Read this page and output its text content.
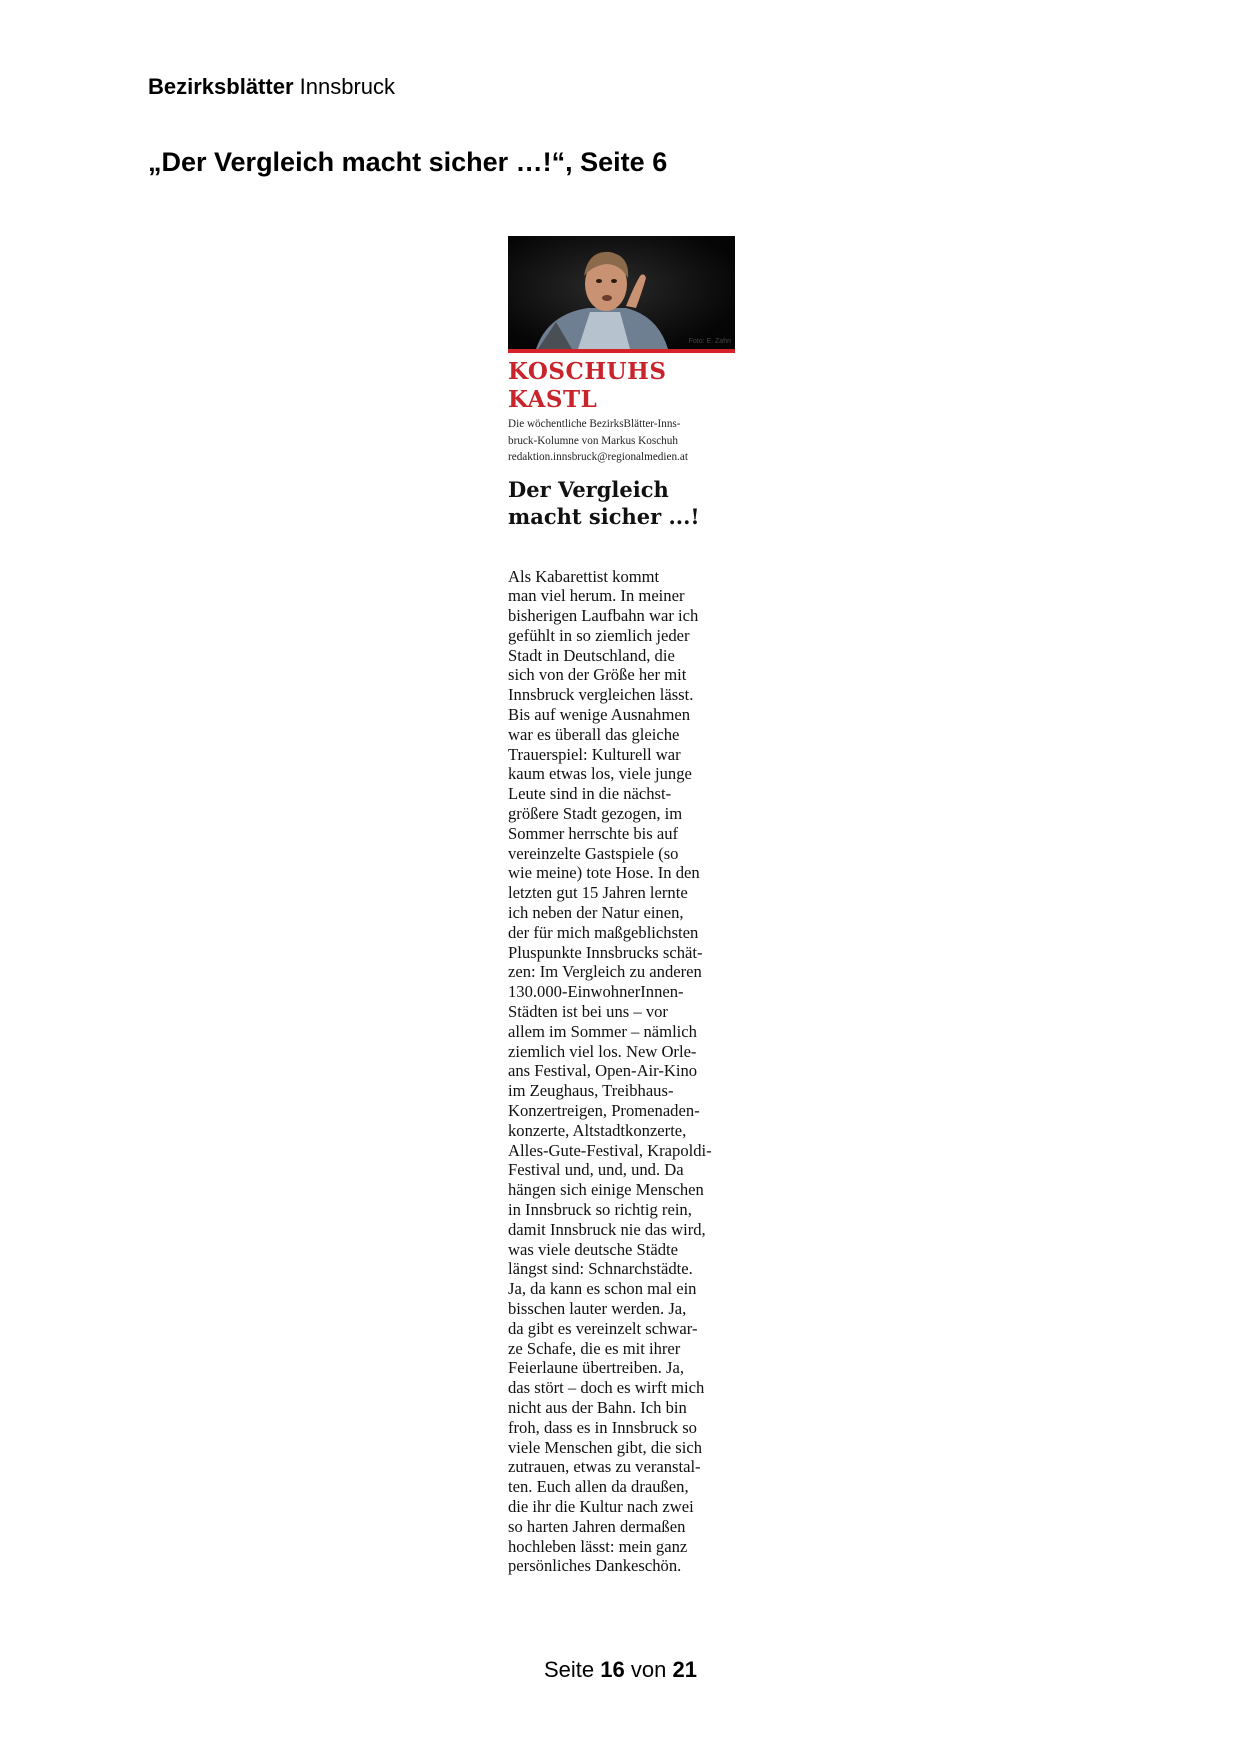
Bezirksblätter Innsbruck
„Der Vergleich macht sicher …!“, Seite 6
Foto: E. Zahn
KOSCHUHS KASTL
Die wöchentliche BezirksBlätter-Inns-
bruck-Kolumne von Markus Koschuh
redaktion.innsbruck@regionalmedien.at
Der Vergleich
macht sicher ...!
Als Kabarettist kommt
man viel herum. In meiner
bisherigen Laufbahn war ich
gefühlt in so ziemlich jeder
Stadt in Deutschland, die
sich von der Größe her mit
Innsbruck vergleichen lässt.
Bis auf wenige Ausnahmen
war es überall das gleiche
Trauerspiel: Kulturell war
kaum etwas los, viele junge
Leute sind in die nächst-
größere Stadt gezogen, im
Sommer herrschte bis auf
vereinzelte Gastspiele (so
wie meine) tote Hose. In den
letzten gut 15 Jahren lernte
ich neben der Natur einen,
der für mich maßgeblichsten
Pluspunkte Innsbrucks schät-
zen: Im Vergleich zu anderen
130.000-EinwohnerInnen-
Städten ist bei uns – vor
allem im Sommer – nämlich
ziemlich viel los. New Orle-
ans Festival, Open-Air-Kino
im Zeughaus, Treibhaus-
Konzertreigen, Promenaden-
konzerte, Altstadtkonzerte,
Alles-Gute-Festival, Krapoldi-
Festival und, und, und. Da
hängen sich einige Menschen
in Innsbruck so richtig rein,
damit Innsbruck nie das wird,
was viele deutsche Städte
längst sind: Schnarchstädte.
Ja, da kann es schon mal ein
bisschen lauter werden. Ja,
da gibt es vereinzelt schwar-
ze Schafe, die es mit ihrer
Feierlaune übertreiben. Ja,
das stört – doch es wirft mich
nicht aus der Bahn. Ich bin
froh, dass es in Innsbruck so
viele Menschen gibt, die sich
zutrauen, etwas zu veranstal-
ten. Euch allen da draußen,
die ihr die Kultur nach zwei
so harten Jahren dermaßen
hochleben lässt: mein ganz
persönliches Dankeschön.
Seite 16 von 21
